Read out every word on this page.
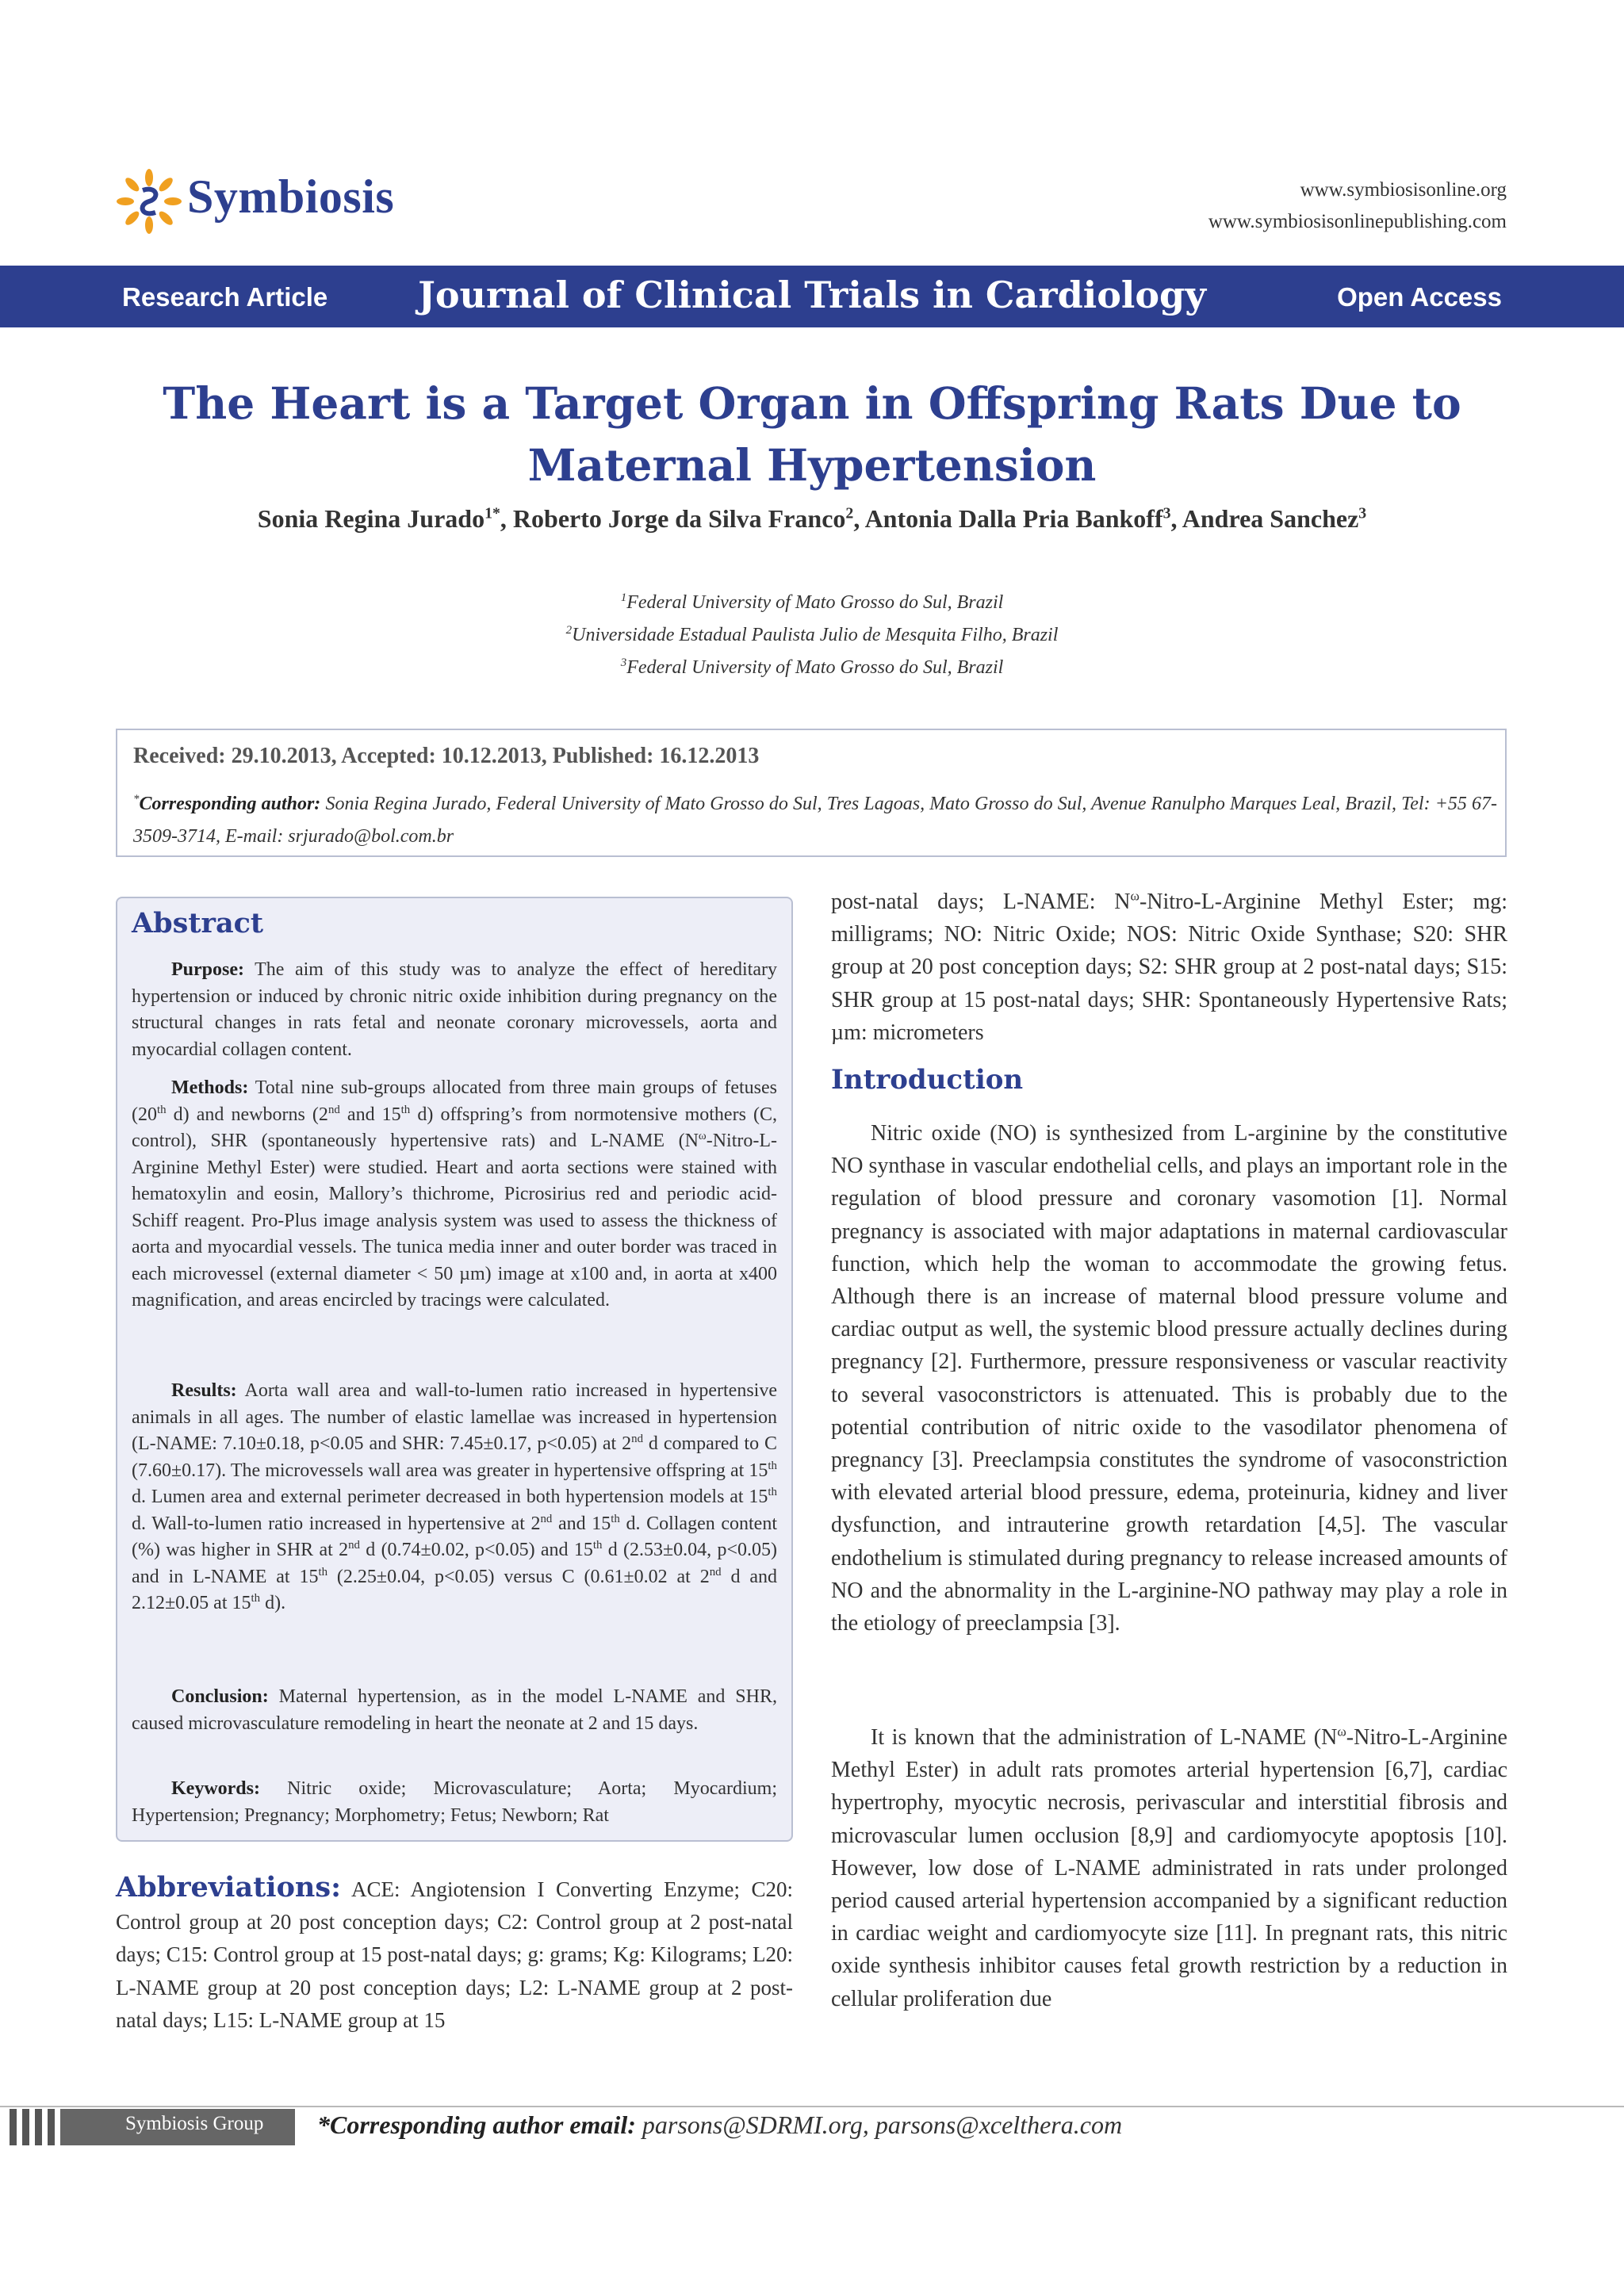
Symbiosis	www.symbiosisonline.org
www.symbiosisonlinepublishing.com
Research Article	Journal of Clinical Trials in Cardiology	Open Access
The Heart is a Target Organ in Offspring Rats Due to Maternal Hypertension
Sonia Regina Jurado$^{1*}$, Roberto Jorge da Silva Franco$^2$, Antonia Dalla Pria Bankoff$^3$, Andrea Sanchez$^3$
$^1$Federal University of Mato Grosso do Sul, Brazil
$^2$Universidade Estadual Paulista Julio de Mesquita Filho, Brazil
$^3$Federal University of Mato Grosso do Sul, Brazil
Received: 29.10.2013, Accepted: 10.12.2013, Published: 16.12.2013
*Corresponding author: Sonia Regina Jurado, Federal University of Mato Grosso do Sul, Tres Lagoas, Mato Grosso do Sul, Avenue Ranulpho Marques Leal, Brazil, Tel: +55 67-3509-3714, E-mail: srjurado@bol.com.br
Abstract

Purpose: The aim of this study was to analyze the effect of hereditary hypertension or induced by chronic nitric oxide inhibition during pregnancy on the structural changes in rats fetal and neonate coronary microvessels, aorta and myocardial collagen content.

Methods: Total nine sub-groups allocated from three main groups of fetuses (20th d) and newborns (2nd and 15th d) offspring’s from normotensive mothers (C, control), SHR (spontaneously hypertensive rats) and L-NAME ($N^\omega-Nitro-L$-Arginine Methyl Ester) were studied. Heart and aorta sections were stained with hematoxylin and eosin, Mallory’s thichrome, Picrosirius red and periodic acid-Schiff reagent. Pro-Plus image analysis system was used to assess the thickness of aorta and myocardial vessels. The tunica media inner and outer border was traced in each microvessel (external diameter < 50 µm) image at x100 and, in aorta at x400 magnification, and areas encircled by tracings were calculated.

Results: Aorta wall area and wall-to-lumen ratio increased in hypertensive animals in all ages. The number of elastic lamellae was increased in hypertension (L-NAME: 7.10±0.18, p<0.05 and SHR: 7.45±0.17, p<0.05) at 2nd d compared to C (7.60±0.17). The microvessels wall area was greater in hypertensive offspring at 15th d. Lumen area and external perimeter decreased in both hypertension models at 15th d. Wall-to-lumen ratio increased in hypertensive at 2nd and 15th d. Collagen content (%) was higher in SHR at 2nd d (0.74±0.02, p<0.05) and 15th d (2.53±0.04, p<0.05) and in L-NAME at 15th (2.25±0.04, p<0.05) versus C (0.61±0.02 at 2nd d and 2.12±0.05 at 15th d).

Conclusion: Maternal hypertension, as in the model L-NAME and SHR, caused microvasculature remodeling in heart the neonate at 2 and 15 days.

Keywords: Nitric oxide; Microvasculature; Aorta; Myocardium; Hypertension; Pregnancy; Morphometry; Fetus; Newborn; Rat

Abbreviations: ACE: Angiotension I Converting Enzyme; C20: Control group at 20 post conception days; C2: Control group at 2 post-natal days; C15: Control group at 15 post-natal days; g: grams; Kg: Kilograms; L20: L-NAME group at 20 post conception days; L2: L-NAME group at 2 post-natal days; L15: L-NAME group at 15

post-natal days; L-NAME: $N^\omega-Nitro-L$-Arginine Methyl Ester; mg: milligrams; NO: Nitric Oxide; NOS: Nitric Oxide Synthase; S20: SHR group at 20 post conception days; S2: SHR group at 2 post-natal days; S15: SHR group at 15 post-natal days; SHR: Spontaneously Hypertensive Rats; µm: micrometers

Introduction

Nitric oxide (NO) is synthesized from L-arginine by the constitutive NO synthase in vascular endothelial cells, and plays an important role in the regulation of blood pressure and coronary vasomotion [1]. Normal pregnancy is associated with major adaptations in maternal cardiovascular function, which help the woman to accommodate the growing fetus. Although there is an increase of maternal blood pressure volume and cardiac output as well, the systemic blood pressure actually declines during pregnancy [2]. Furthermore, pressure responsiveness or vascular reactivity to several vasoconstrictors is attenuated. This is probably due to the potential contribution of nitric oxide to the vasodilator phenomena of pregnancy [3]. Preeclampsia constitutes the syndrome of vasoconstriction with elevated arterial blood pressure, edema, proteinuria, kidney and liver dysfunction, and intrauterine growth retardation [4,5]. The vascular endothelium is stimulated during pregnancy to release increased amounts of NO and the abnormality in the L-arginine-NO pathway may play a role in the etiology of preeclampsia [3].

It is known that the administration of L-NAME ($N^\omega-Nitro-L$-Arginine Methyl Ester) in adult rats promotes arterial hypertension [6,7], cardiac hypertrophy, myocytic necrosis, perivascular and interstitial fibrosis and microvascular lumen occlusion [8,9] and cardiomyocyte apoptosis [10]. However, low dose of L-NAME administrated in rats under prolonged period caused arterial hypertension accompanied by a significant reduction in cardiac weight and cardiomyocyte size [11]. In pregnant rats, this nitric oxide synthesis inhibitor causes fetal growth restriction by a reduction in cellular proliferation due

Symbiosis Group *Corresponding author email: parsons@SDRMI.org, parsons@xcelthera.com
